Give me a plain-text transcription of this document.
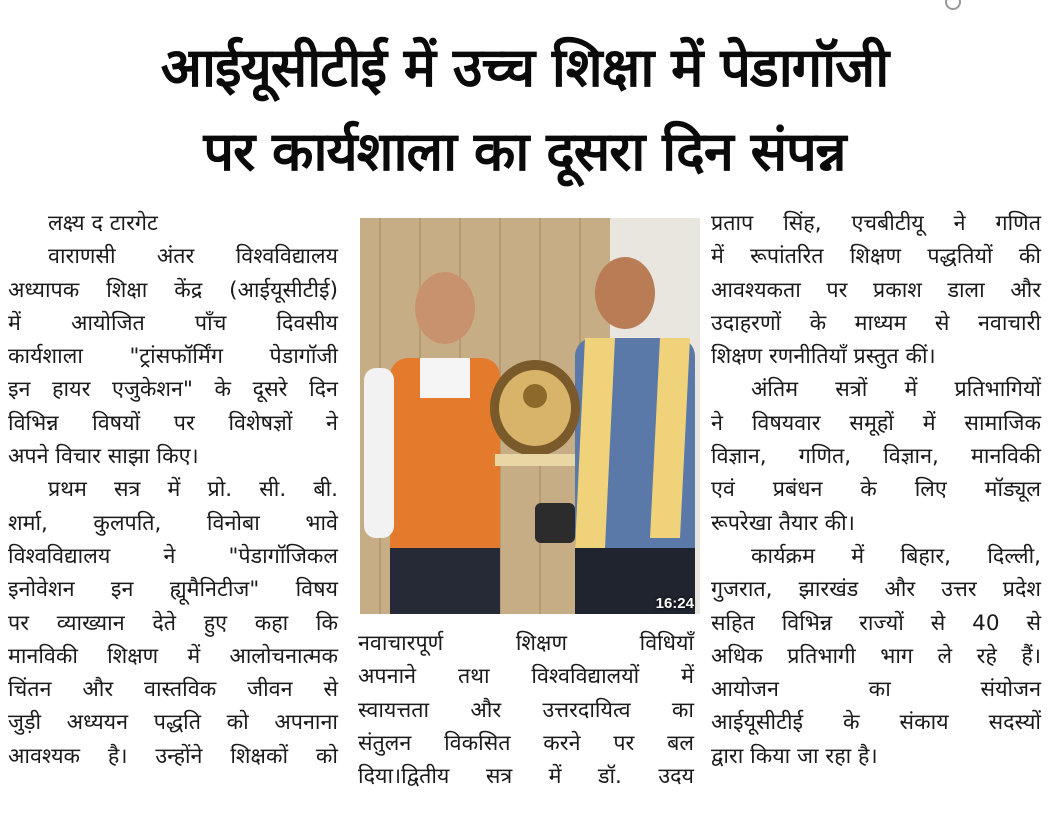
आईयूसीटीई में उच्च शिक्षा में पेडागॉजी
पर कार्यशाला का दूसरा दिन संपन्न
लक्ष्य द टारगेट
वाराणसी अंतर विश्वविद्यालय
अध्यापक शिक्षा केंद्र (आईयूसीटीई)
में आयोजित पाँच दिवसीय
कार्यशाला "ट्रांसफॉर्मिंग पेडागॉजी
इन हायर एजुकेशन" के दूसरे दिन
विभिन्न विषयों पर विशेषज्ञों ने
अपने विचार साझा किए।
प्रथम सत्र में प्रो. सी. बी.
शर्मा, कुलपति, विनोबा भावे
विश्वविद्यालय ने "पेडागॉजिकल
इनोवेशन इन ह्यूमैनिटीज" विषय
पर व्याख्यान देते हुए कहा कि
मानविकी शिक्षण में आलोचनात्मक
चिंतन और वास्तविक जीवन से
जुड़ी अध्ययन पद्धति को अपनाना
आवश्यक है। उन्होंने शिक्षकों को
16:24
नवाचारपूर्ण शिक्षण विधियाँ
अपनाने तथा विश्वविद्यालयों में
स्वायत्तता और उत्तरदायित्व का
संतुलन विकसित करने पर बल
दिया।द्वितीय सत्र में डॉ. उदय
प्रताप सिंह, एचबीटीयू ने गणित
में रूपांतरित शिक्षण पद्धतियों की
आवश्यकता पर प्रकाश डाला और
उदाहरणों के माध्यम से नवाचारी
शिक्षण रणनीतियाँ प्रस्तुत कीं।
अंतिम सत्रों में प्रतिभागियों
ने विषयवार समूहों में सामाजिक
विज्ञान, गणित, विज्ञान, मानविकी
एवं प्रबंधन के लिए मॉड्यूल
रूपरेखा तैयार की।
कार्यक्रम में बिहार, दिल्ली,
गुजरात, झारखंड और उत्तर प्रदेश
सहित विभिन्न राज्यों से 40 से
अधिक प्रतिभागी भाग ले रहे हैं।
आयोजन का संयोजन
आईयूसीटीई के संकाय सदस्यों
द्वारा किया जा रहा है।
